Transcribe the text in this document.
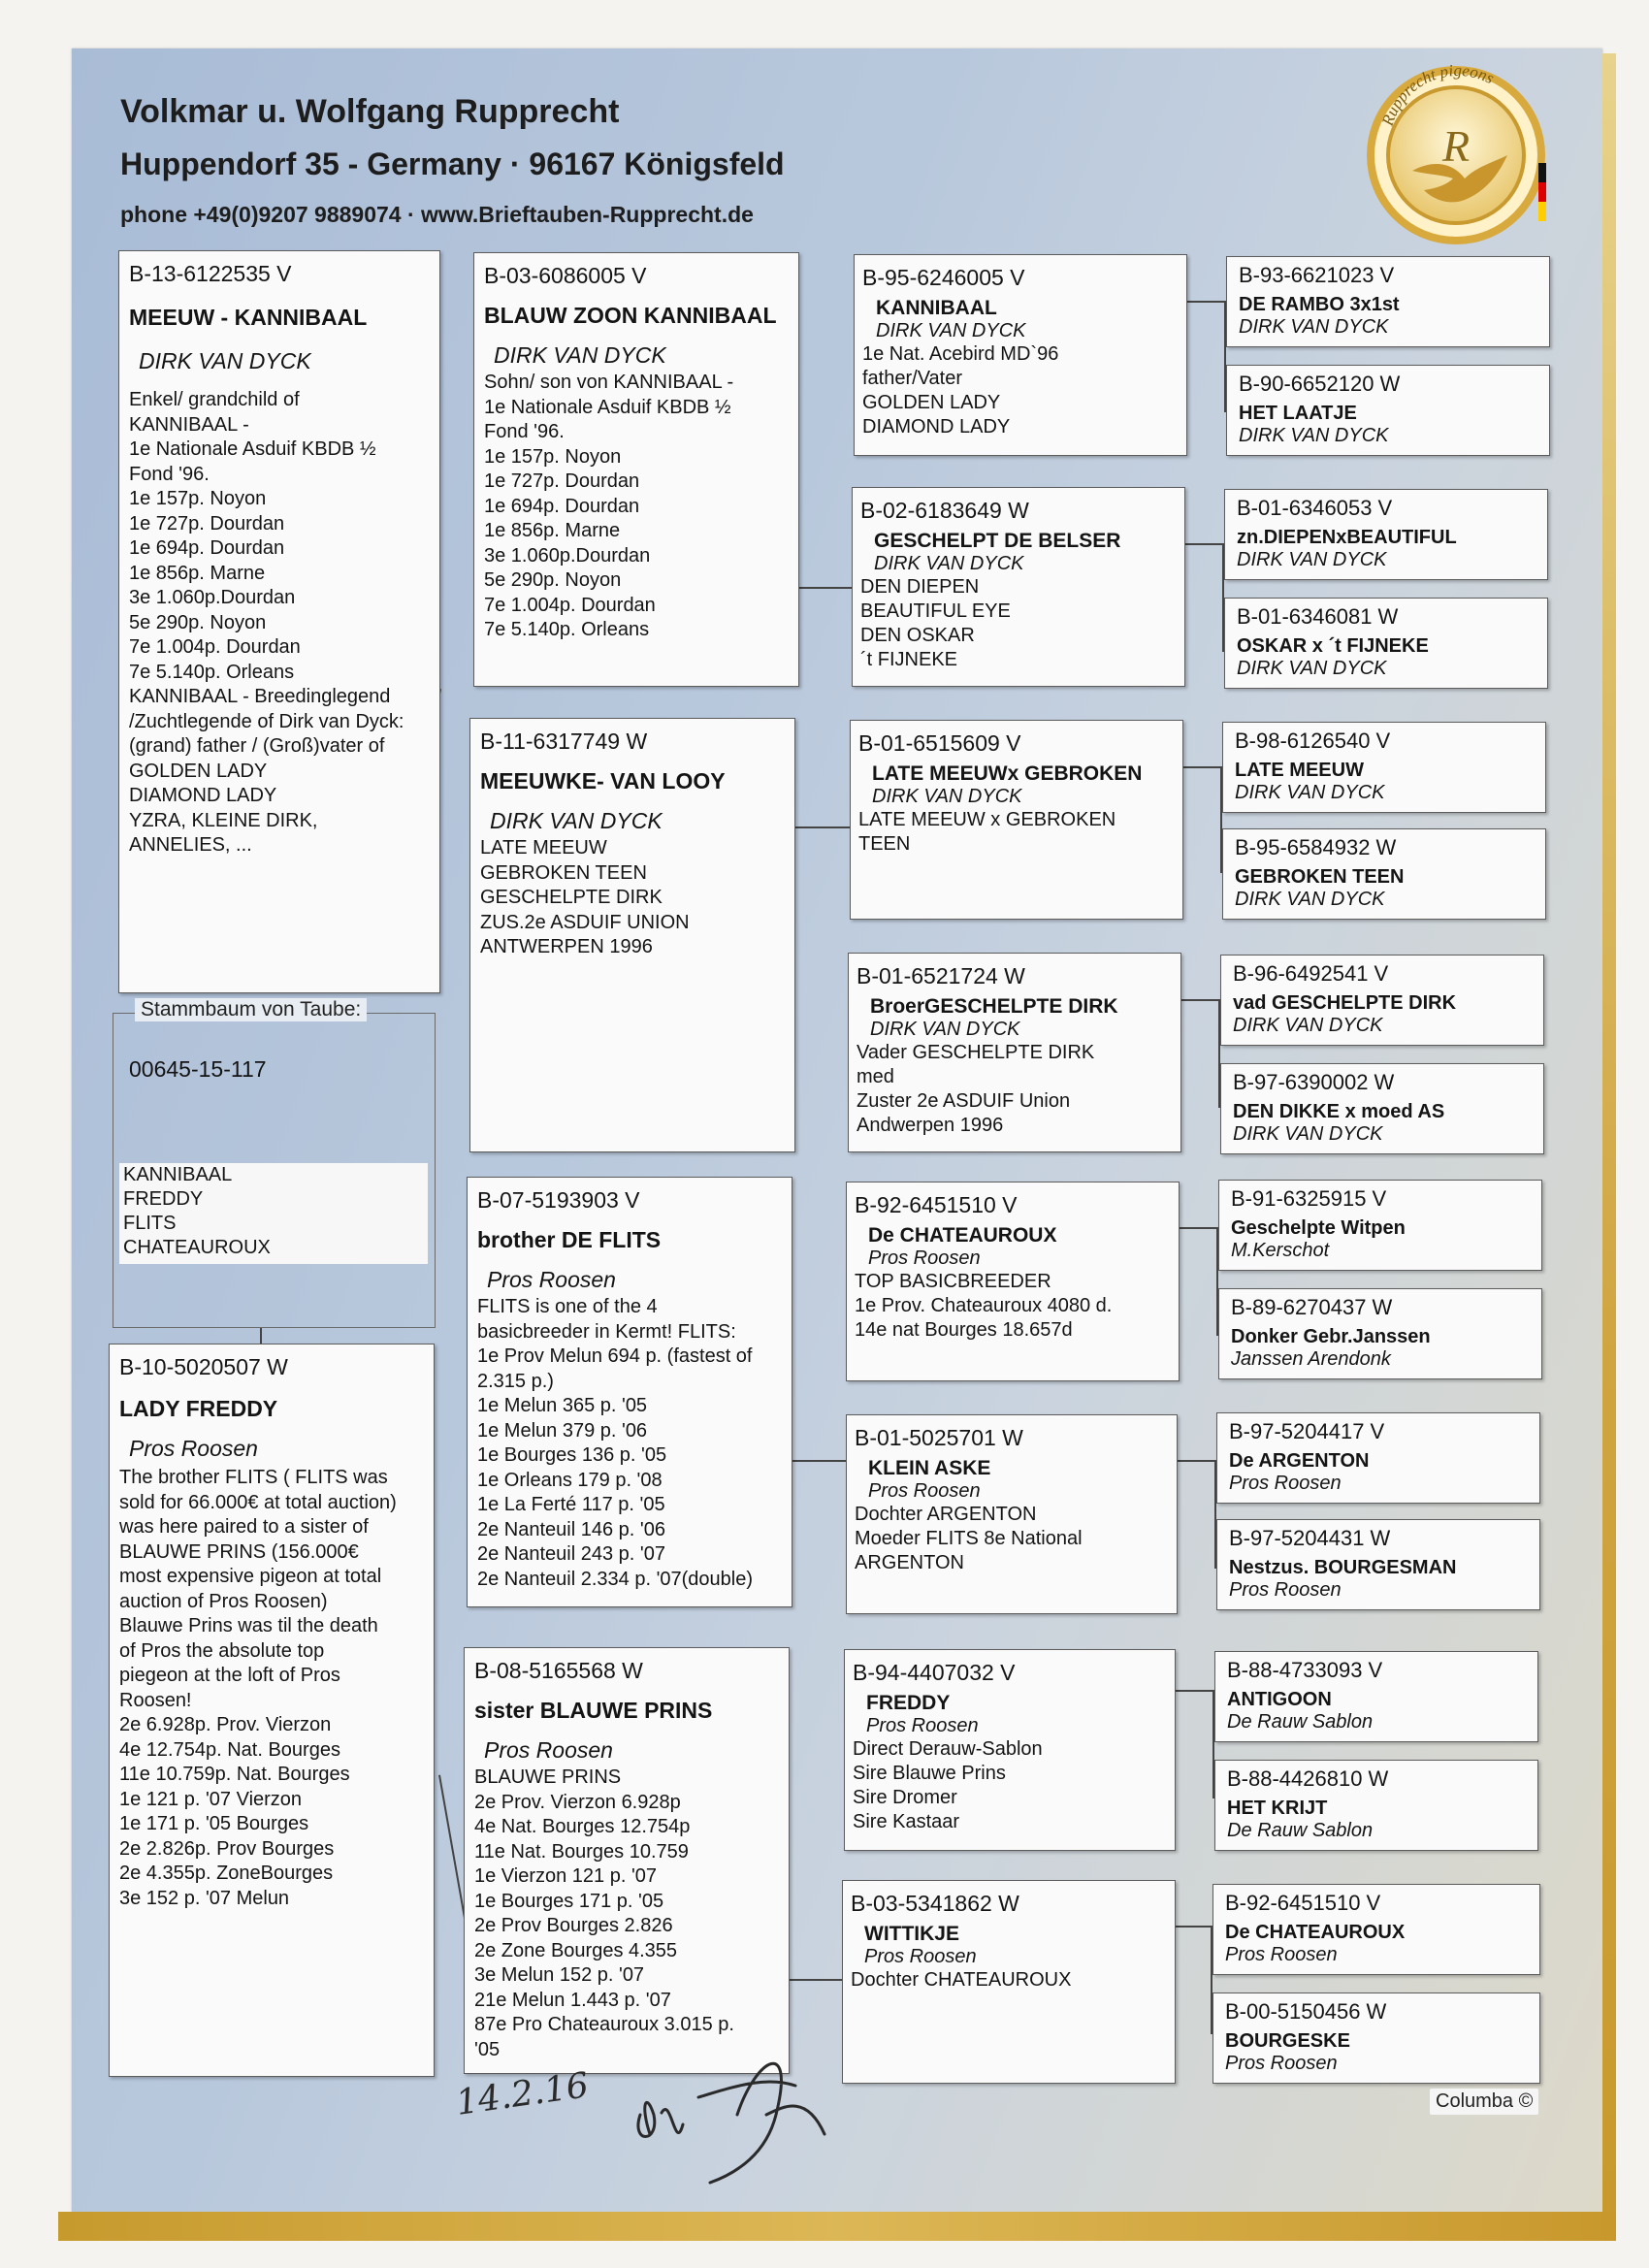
Volkmar u. Wolfgang Rupprecht
Huppendorf 35 - Germany · 96167 Königsfeld
phone +49(0)9207 9889074 · www.Brieftauben-Rupprecht.de
Rupprecht pigeons
R
B-13-6122535 V
MEEUW - KANNIBAAL
DIRK VAN DYCK
Enkel/ grandchild of
KANNIBAAL -
1e Nationale Asduif KBDB ½
Fond '96.
1e 157p. Noyon
1e 727p. Dourdan
1e 694p. Dourdan
1e 856p. Marne
3e 1.060p.Dourdan
5e 290p. Noyon
7e 1.004p. Dourdan
7e 5.140p. Orleans
KANNIBAAL - Breedinglegend
/Zuchtlegende of Dirk van Dyck:
(grand) father / (Groß)vater of
GOLDEN LADY
DIAMOND LADY
YZRA, KLEINE DIRK,
ANNELIES, ...
Stammbaum von Taube:
00645-15-117
KANNIBAAL
FREDDY
FLITS
CHATEAUROUX
B-10-5020507 W
LADY FREDDY
Pros Roosen
The brother FLITS ( FLITS was
sold for 66.000€ at total auction)
was here paired to a sister of
BLAUWE PRINS (156.000€
most expensive pigeon at total
auction of Pros Roosen)
Blauwe Prins was til the death
of Pros the absolute top
piegeon at the loft of Pros
Roosen!
2e 6.928p. Prov. Vierzon
4e 12.754p. Nat. Bourges
11e 10.759p. Nat. Bourges
1e 121 p. '07 Vierzon
1e 171 p. '05 Bourges
2e 2.826p. Prov Bourges
2e 4.355p. ZoneBourges
3e 152 p. '07 Melun
B-03-6086005 V
BLAUW ZOON KANNIBAAL
DIRK VAN DYCK
Sohn/ son von KANNIBAAL -
1e Nationale Asduif KBDB ½
Fond '96.
1e 157p. Noyon
1e 727p. Dourdan
1e 694p. Dourdan
1e 856p. Marne
3e 1.060p.Dourdan
5e 290p. Noyon
7e 1.004p. Dourdan
7e 5.140p. Orleans
B-11-6317749 W
MEEUWKE- VAN LOOY
DIRK VAN DYCK
LATE MEEUW
GEBROKEN TEEN
GESCHELPTE DIRK
ZUS.2e ASDUIF UNION
ANTWERPEN 1996
B-07-5193903 V
brother DE FLITS
Pros Roosen
FLITS is one of the 4
basicbreeder in Kermt! FLITS:
1e Prov Melun 694 p. (fastest of
2.315 p.)
1e Melun 365 p. '05
1e Melun 379 p. '06
1e Bourges 136 p. '05
1e Orleans 179 p. '08
1e La Ferté 117 p. '05
2e Nanteuil 146 p. '06
2e Nanteuil 243 p. '07
2e Nanteuil 2.334 p. '07(double)
B-08-5165568 W
sister BLAUWE PRINS
Pros Roosen
BLAUWE PRINS
2e Prov. Vierzon 6.928p
4e Nat. Bourges 12.754p
11e Nat. Bourges 10.759
1e Vierzon 121 p. '07
1e Bourges 171 p. '05
2e Prov Bourges 2.826
2e Zone Bourges 4.355
3e Melun 152 p. '07
21e Melun 1.443 p. '07
87e Pro Chateauroux 3.015 p.
'05
B-95-6246005 V
KANNIBAAL
DIRK VAN DYCK
1e Nat. Acebird MD`96
father/Vater
GOLDEN LADY
DIAMOND LADY
B-02-6183649 W
GESCHELPT DE BELSER
DIRK VAN DYCK
DEN DIEPEN
BEAUTIFUL EYE
DEN OSKAR
´t FIJNEKE
B-01-6515609 V
LATE MEEUWx GEBROKEN
DIRK VAN DYCK
LATE MEEUW x GEBROKEN
TEEN
B-01-6521724 W
BroerGESCHELPTE DIRK
DIRK VAN DYCK
Vader GESCHELPTE DIRK
med
Zuster 2e ASDUIF Union
Andwerpen 1996
B-92-6451510 V
De CHATEAUROUX
Pros Roosen
TOP BASICBREEDER
1e Prov. Chateauroux 4080 d.
14e nat Bourges 18.657d
B-01-5025701 W
KLEIN ASKE
Pros Roosen
Dochter ARGENTON
Moeder FLITS 8e National
ARGENTON
B-94-4407032 V
FREDDY
Pros Roosen
Direct Derauw-Sablon
Sire Blauwe Prins
Sire Dromer
Sire Kastaar
B-03-5341862 W
WITTIKJE
Pros Roosen
Dochter CHATEAUROUX
B-93-6621023 V
DE RAMBO 3x1st
DIRK VAN DYCK
B-90-6652120 W
HET LAATJE
DIRK VAN DYCK
B-01-6346053 V
zn.DIEPENxBEAUTIFUL
DIRK VAN DYCK
B-01-6346081 W
OSKAR x ´t FIJNEKE
DIRK VAN DYCK
B-98-6126540 V
LATE MEEUW
DIRK VAN DYCK
B-95-6584932 W
GEBROKEN TEEN
DIRK VAN DYCK
B-96-6492541 V
vad GESCHELPTE DIRK
DIRK VAN DYCK
B-97-6390002 W
DEN DIKKE x moed AS
DIRK VAN DYCK
B-91-6325915 V
Geschelpte Witpen
M.Kerschot
B-89-6270437 W
Donker Gebr.Janssen
Janssen Arendonk
B-97-5204417 V
De ARGENTON
Pros Roosen
B-97-5204431 W
Nestzus. BOURGESMAN
Pros Roosen
B-88-4733093 V
ANTIGOON
De Rauw Sablon
B-88-4426810 W
HET KRIJT
De Rauw Sablon
B-92-6451510 V
De CHATEAUROUX
Pros Roosen
B-00-5150456 W
BOURGESKE
Pros Roosen
14.2.16	Columba ©
